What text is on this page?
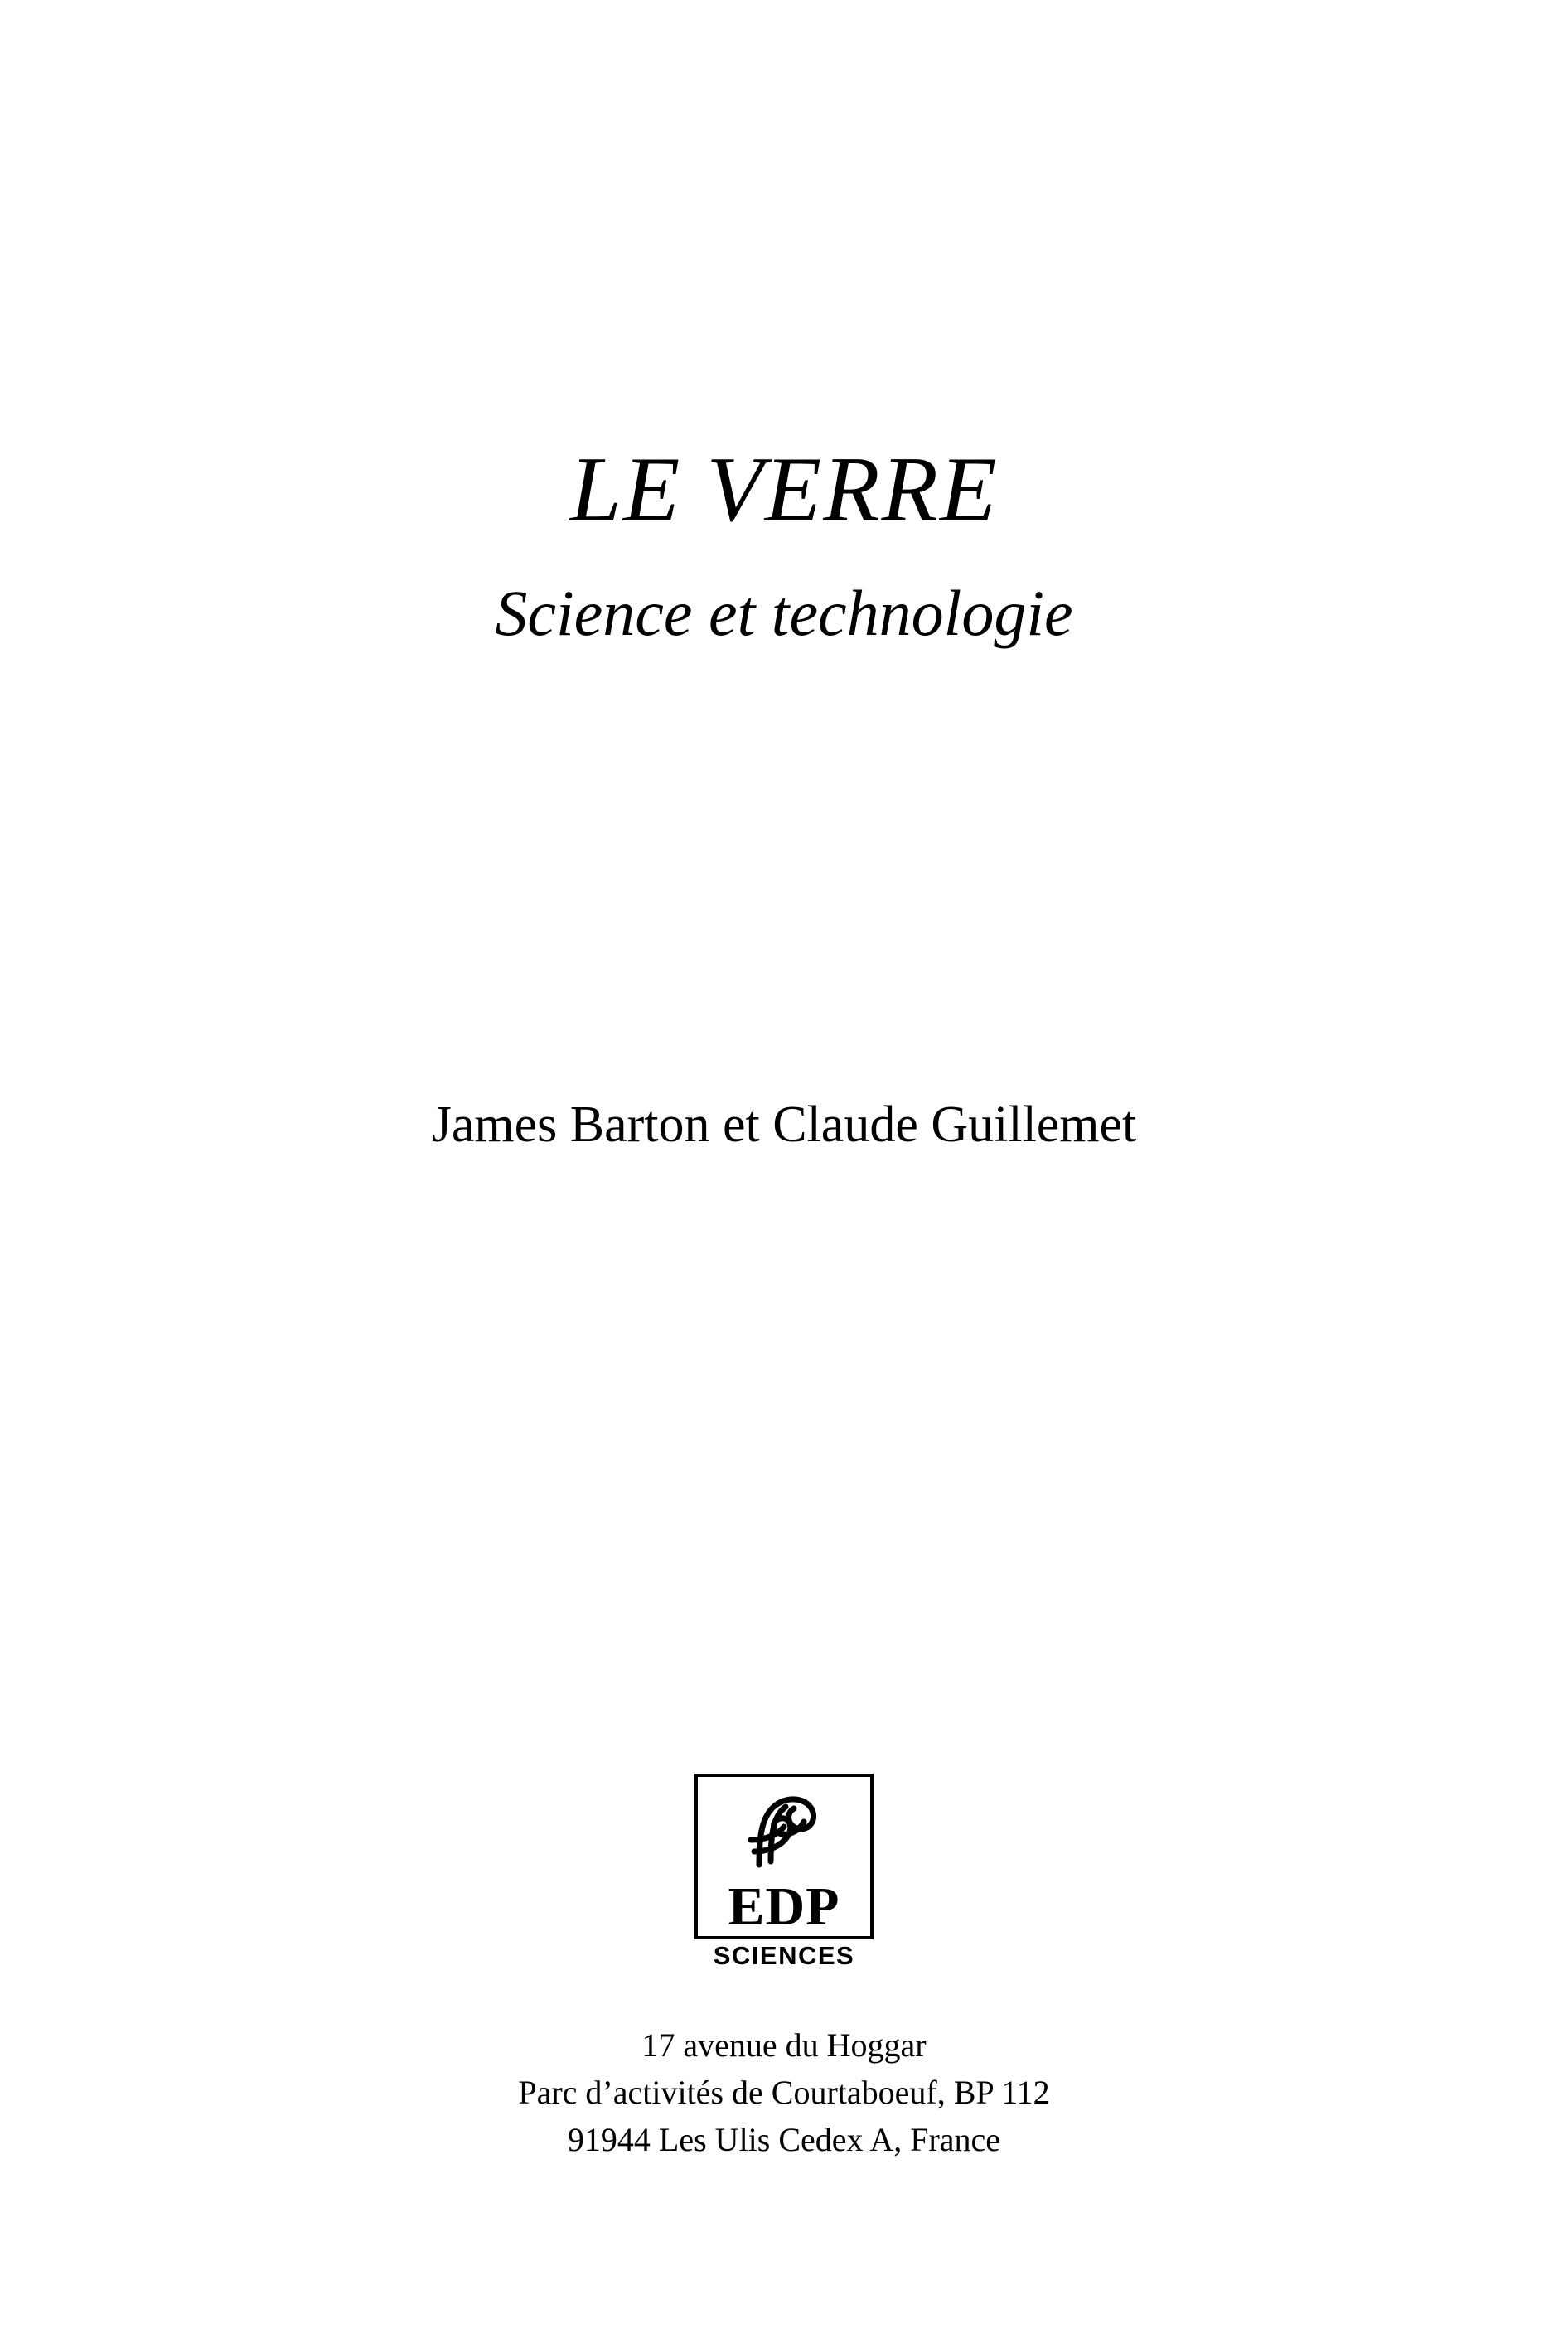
LE VERRE
Science et technologie
James Barton et Claude Guillemet
EDP
SCIENCES
17 avenue du Hoggar
Parc d’activités de Courtaboeuf, BP 112
91944 Les Ulis Cedex A, France
